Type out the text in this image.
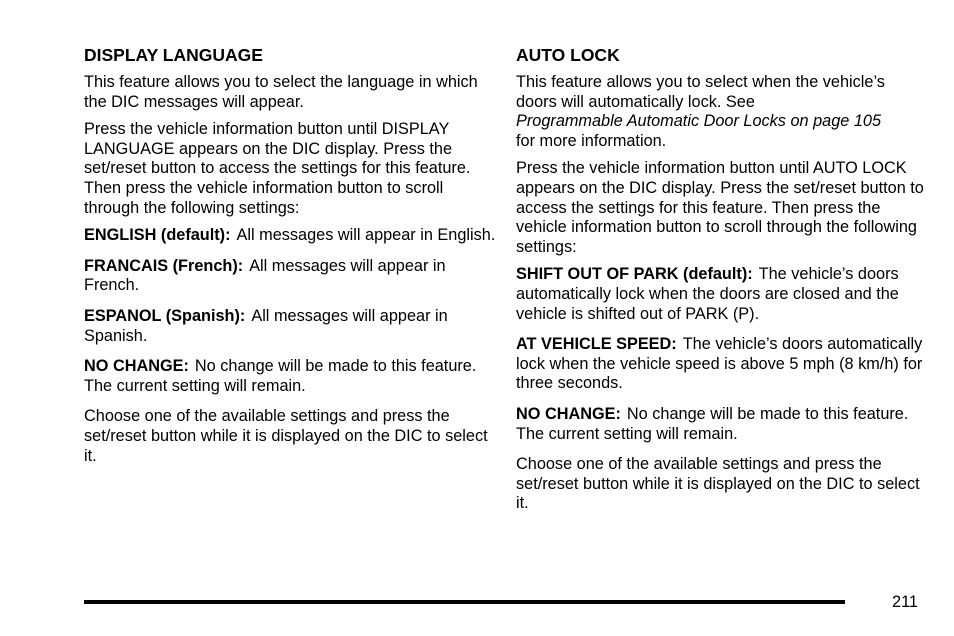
DISPLAY LANGUAGE

This feature allows you to select the language in which the DIC messages will appear.

Press the vehicle information button until DISPLAY LANGUAGE appears on the DIC display. Press the set/reset button to access the settings for this feature. Then press the vehicle information button to scroll through the following settings:

ENGLISH (default): All messages will appear in English.

FRANCAIS (French): All messages will appear in French.

ESPANOL (Spanish): All messages will appear in Spanish.

NO CHANGE: No change will be made to this feature. The current setting will remain.

Choose one of the available settings and press the set/reset button while it is displayed on the DIC to select it.

AUTO LOCK

This feature allows you to select when the vehicle’s doors will automatically lock. See
Programmable Automatic Door Locks on page 105
for more information.

Press the vehicle information button until AUTO LOCK appears on the DIC display. Press the set/reset button to access the settings for this feature. Then press the vehicle information button to scroll through the following settings:

SHIFT OUT OF PARK (default): The vehicle’s doors automatically lock when the doors are closed and the vehicle is shifted out of PARK (P).

AT VEHICLE SPEED: The vehicle’s doors automatically lock when the vehicle speed is above 5 mph (8 km/h) for three seconds.

NO CHANGE: No change will be made to this feature. The current setting will remain.

Choose one of the available settings and press the set/reset button while it is displayed on the DIC to select it.

211
